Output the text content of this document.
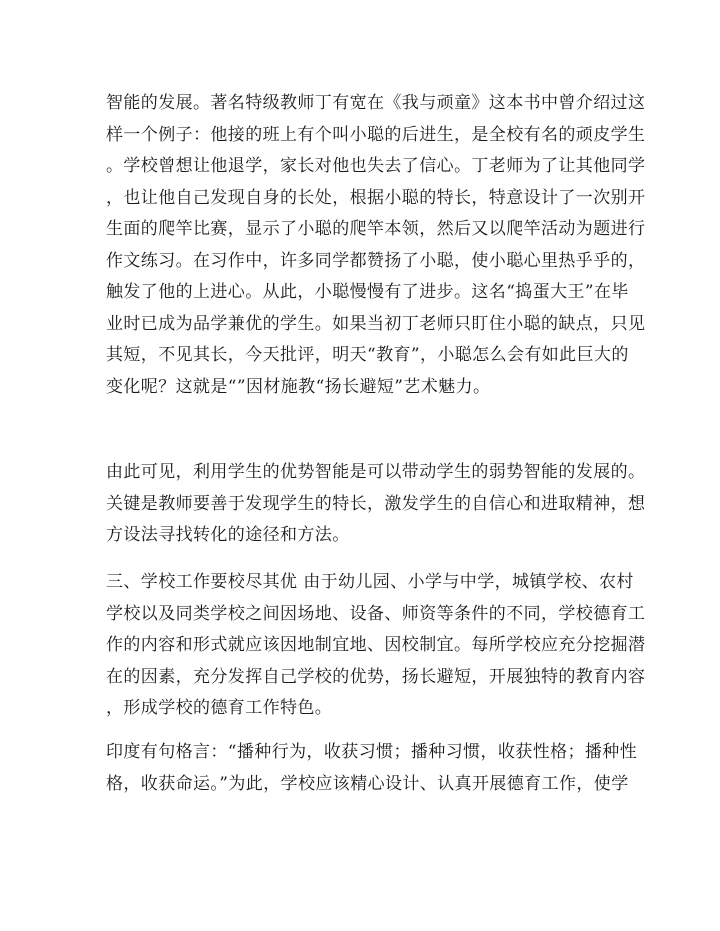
智能的发展。著名特级教师丁有宽在《我与顽童》这本书中曾介绍过这
样一个例子：他接的班上有个叫小聪的后进生，是全校有名的顽皮学生
。学校曾想让他退学，家长对他也失去了信心。丁老师为了让其他同学
，也让他自己发现自身的长处，根据小聪的特长，特意设计了一次别开
生面的爬竿比赛，显示了小聪的爬竿本领，然后又以爬竿活动为题进行
作文练习。在习作中，许多同学都赞扬了小聪，使小聪心里热乎乎的，
触发了他的上进心。从此，小聪慢慢有了进步。这名“捣蛋大王”在毕
业时已成为品学兼优的学生。如果当初丁老师只盯住小聪的缺点，只见
其短，不见其长，今天批评，明天“教育”，小聪怎么会有如此巨大的
变化呢？这就是“”因材施教“扬长避短”艺术魅力。
由此可见，利用学生的优势智能是可以带动学生的弱势智能的发展的。
关键是教师要善于发现学生的特长，激发学生的自信心和进取精神，想
方设法寻找转化的途径和方法。
三、学校工作要校尽其优 由于幼儿园、小学与中学，城镇学校、农村
学校以及同类学校之间因场地、设备、师资等条件的不同，学校德育工
作的内容和形式就应该因地制宜地、因校制宜。每所学校应充分挖掘潜
在的因素，充分发挥自己学校的优势，扬长避短，开展独特的教育内容
，形成学校的德育工作特色。
印度有句格言：“播种行为，收获习惯；播种习惯，收获性格；播种性
格，收获命运。”为此，学校应该精心设计、认真开展德育工作，使学
